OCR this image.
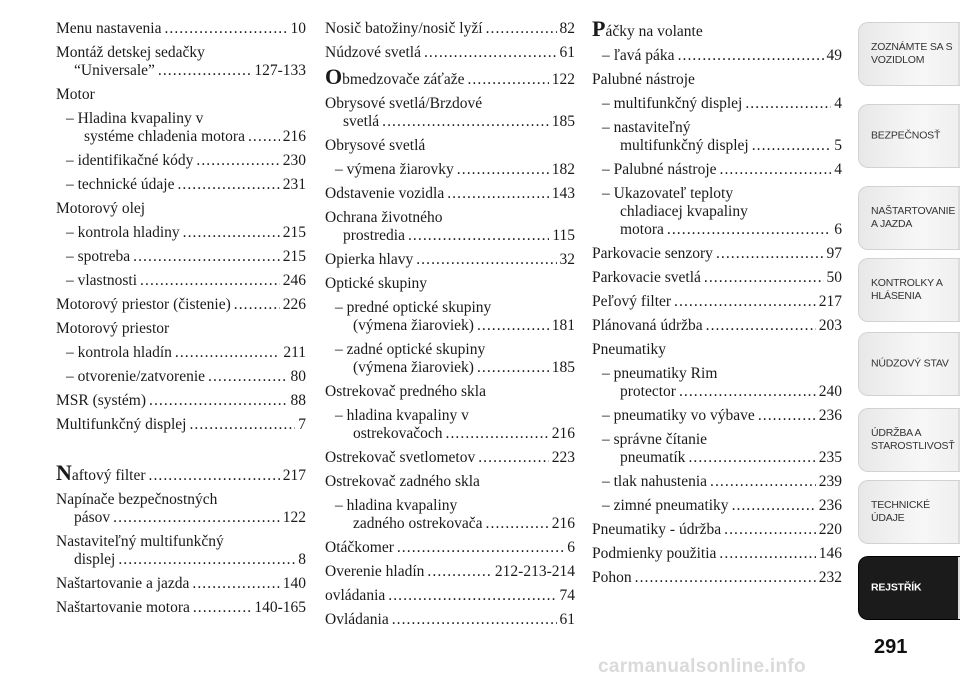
Menu nastavenia . . .	10
Montáž detskej sedačky
“Universale” . . .	127-133
Motor
– Hladina kvapaliny v
systéme chladenia motora . . . 216
– identifikačné kódy . . .	230
– technické údaje . . .	231
Motorový olej
– kontrola hladiny . . .	215
– spotreba . . .	215
– vlastnosti . . .	246
Motorový priestor (čistenie) . . .	226
Motorový priestor
– kontrola hladín . . .	211
– otvorenie/zatvorenie . . .	80
MSR (systém) . . .	88
Multifunkčný displej . . .	7
Naftový filter . . .	217
Napínače bezpečnostných
pásov . . .	122
Nastaviteľný multifunkčný
displej . . .	8
Naštartovanie a jazda . . .	140
Naštartovanie motora . . .	140-165
Nosič batožiny/nosič lyží . . .	82
Núdzové svetlá . . .	61
Obmedzovače záťaže . . .	122
Obrysové svetlá/Brzdové
svetlá . . .	185
Obrysové svetlá
– výmena žiarovky . . .	182
Odstavenie vozidla . . .	143
Ochrana životného
prostredia . . .	115
Opierka hlavy . . .	32
Optické skupiny
– predné optické skupiny
(výmena žiaroviek) . . .	181
– zadné optické skupiny
(výmena žiaroviek) . . .	185
Ostrekovač predného skla
– hladina kvapaliny v
ostrekovačoch . . .	216
Ostrekovač svetlometov . . .	223
Ostrekovač zadného skla
– hladina kvapaliny
zadného ostrekovača . . .	216
Otáčkomer . . .	6
Overenie hladín . . .	212-213-214
ovládania . . .	74
Ovládania . . .	61
Páčky na volante
– ľavá páka . . .	49
Palubné nástroje
– multifunkčný displej . . .	4
– nastaviteľný
multifunkčný displej . . .	5
– Palubné nástroje . . .	4
– Ukazovateľ teploty
chladiacej kvapaliny
motora . . .	6
Parkovacie senzory . . .	97
Parkovacie svetlá . . .	50
Peľový filter . . .	217
Plánovaná údržba . . .	203
Pneumatiky
– pneumatiky Rim
protector . . .	240
– pneumatiky vo výbave . . .	236
– správne čítanie
pneumatík . . .	235
– tlak nahustenia . . .	239
– zimné pneumatiky . . .	236
Pneumatiky - údržba . . .	220
Podmienky použitia . . .	146
Pohon . . .	232
ZOZNÁMTE SA S
VOZIDLOM
BEZPEČNOSŤ
NAŠTARTOVANIE
A JAZDA
KONTROLKY A
HLÁSENIA
NÚDZOVÝ STAV
ÚDRŽBA A
STAROSTLIVOSŤ
TECHNICKÉ
ÚDAJE
REJSTŘÍK
291
carmanualsonline.info
